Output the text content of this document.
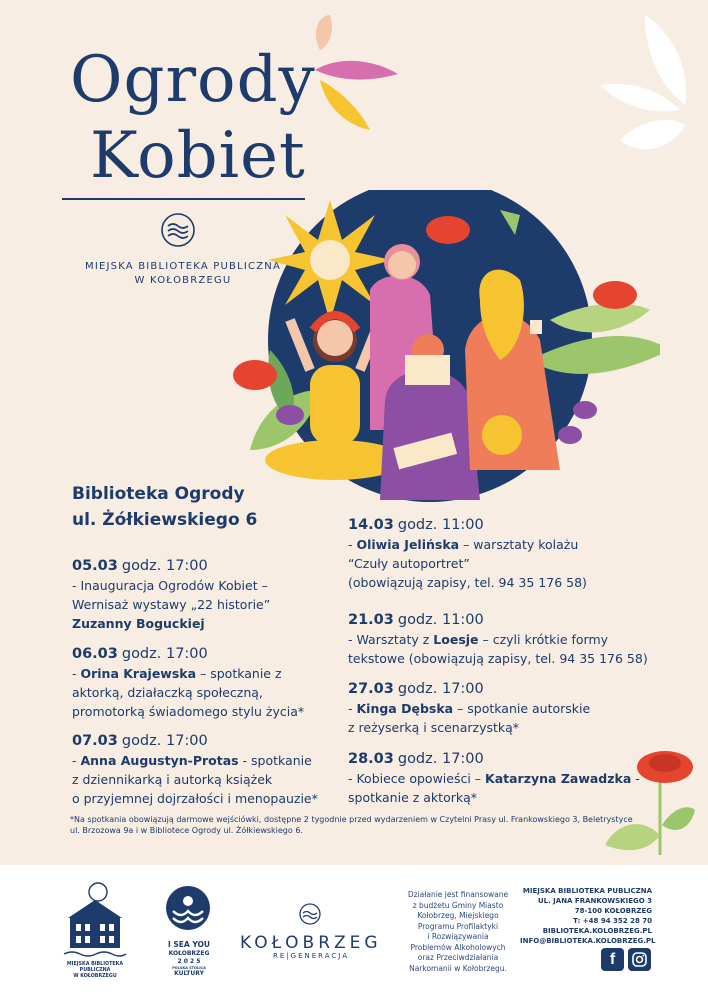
Ogrody
Kobiet
MIEJSKA BIBLIOTEKA PUBLICZNA
W KOŁOBRZEGU
Biblioteka Ogrody
ul. Żółkiewskiego 6
05.03 godz. 17:00
- Inauguracja Ogrodów Kobiet –
Wernisaż wystawy „22 historie”
Zuzanny Boguckiej
06.03 godz. 17:00
- Orina Krajewska – spotkanie z
aktorką, działaczką społeczną,
promotorką świadomego stylu życia*
07.03 godz. 17:00
- Anna Augustyn-Protas - spotkanie
z dziennikarką i autorką książek
o przyjemnej dojrzałości i menopauzie*
14.03 godz. 11:00
- Oliwia Jelińska – warsztaty kolażu
“Czuły autoportret”
(obowiązują zapisy, tel. 94 35 176 58)
21.03 godz. 11:00
- Warsztaty z Loesje – czyli krótkie formy
tekstowe (obowiązują zapisy, tel. 94 35 176 58)
27.03 godz. 17:00
- Kinga Dębska – spotkanie autorskie
z reżyserką i scenarzystką*
28.03 godz. 17:00
- Kobiece opowieści – Katarzyna Zawadzka -
spotkanie z aktorką*
*Na spotkania obowiązują darmowe wejściówki, dostępne 2 tygodnie przed wydarzeniem w Czytelni Prasy ul. Frankowskiego 3, Beletrystyce
ul. Brzozowa 9a i w Bibliotece Ogrody ul. Żółkiewskiego 6.
MIEJSKA BIBLIOTEKA PUBLICZNA
W KOŁOBRZEGU
I SEA YOU
KOŁOBRZEG
2 0 2 5
POLSKA STOLICA
KULTURY
KOŁOBRZEG
RE|GENERACJA
Działanie jest finansowane
z budżetu Gminy Miasto
Kołobrzeg, Miejskiego
Programu Profilaktyki
i Rozwiązywania
Problemów Alkoholowych
oraz Przeciwdziałania
Narkomanii w Kołobrzegu.
MIEJSKA BIBLIOTEKA PUBLICZNA
UL. JANA FRANKOWSKIEGO 3
78-100 KOŁOBRZEG
T: +48 94 352 28 70
BIBLIOTEKA.KOLOBRZEG.PL
INFO@BIBLIOTEKA.KOLOBRZEG.PL
f
